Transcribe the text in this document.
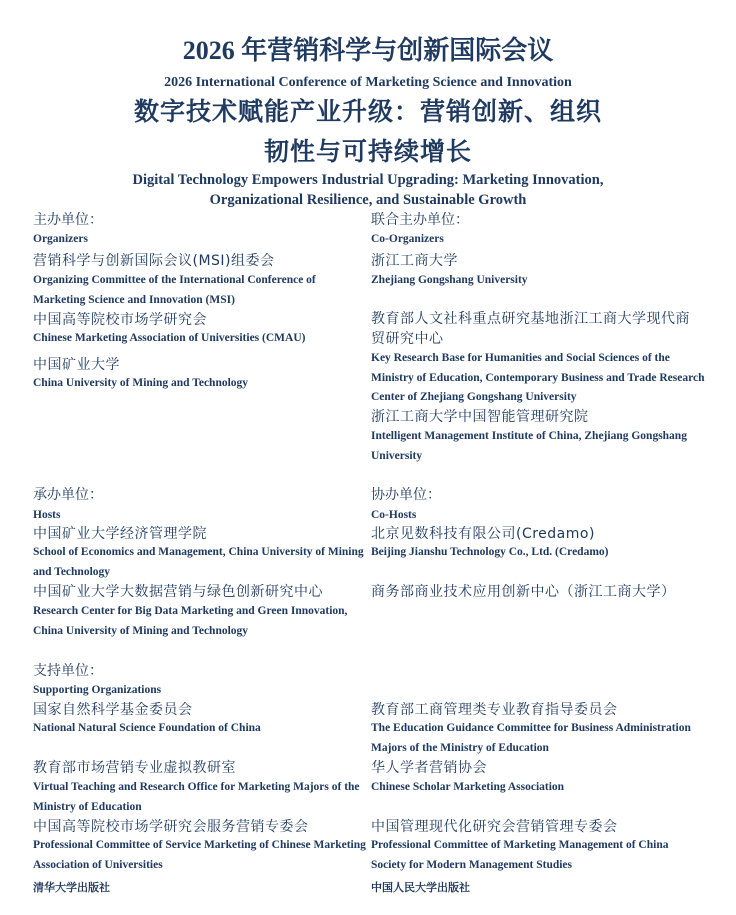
2026 年营销科学与创新国际会议
2026 International Conference of Marketing Science and Innovation
数字技术赋能产业升级：营销创新、组织
韧性与可持续增长
Digital Technology Empowers Industrial Upgrading: Marketing Innovation,
Organizational Resilience, and Sustainable Growth
主办单位：
Organizers
营销科学与创新国际会议(MSI)组委会
Organizing Committee of the International Conference of Marketing Science and Innovation (MSI)
中国高等院校市场学研究会
Chinese Marketing Association of Universities (CMAU)
中国矿业大学
China University of Mining and Technology
联合主办单位：
Co-Organizers
浙江工商大学
Zhejiang Gongshang University
教育部人文社科重点研究基地浙江工商大学现代商贸研究中心
Key Research Base for Humanities and Social Sciences of the Ministry of Education, Contemporary Business and Trade Research Center of Zhejiang Gongshang University
浙江工商大学中国智能管理研究院
Intelligent Management Institute of China, Zhejiang Gongshang University
承办单位：
Hosts
中国矿业大学经济管理学院
School of Economics and Management, China University of Mining and Technology
中国矿业大学大数据营销与绿色创新研究中心
Research Center for Big Data Marketing and Green Innovation, China University of Mining and Technology
协办单位：
Co-Hosts
北京见数科技有限公司(Credamo)
Beijing Jianshu Technology Co., Ltd. (Credamo)
商务部商业技术应用创新中心（浙江工商大学）
支持单位：
Supporting Organizations
国家自然科学基金委员会
National Natural Science Foundation of China
教育部市场营销专业虚拟教研室
Virtual Teaching and Research Office for Marketing Majors of the Ministry of Education
中国高等院校市场学研究会服务营销专委会
Professional Committee of Service Marketing of Chinese Marketing Association of Universities
清华大学出版社
教育部工商管理类专业教育指导委员会
The Education Guidance Committee for Business Administration Majors of the Ministry of Education
华人学者营销协会
Chinese Scholar Marketing Association
中国管理现代化研究会营销管理专委会
Professional Committee of Marketing Management of China Society for Modern Management Studies
中国人民大学出版社
